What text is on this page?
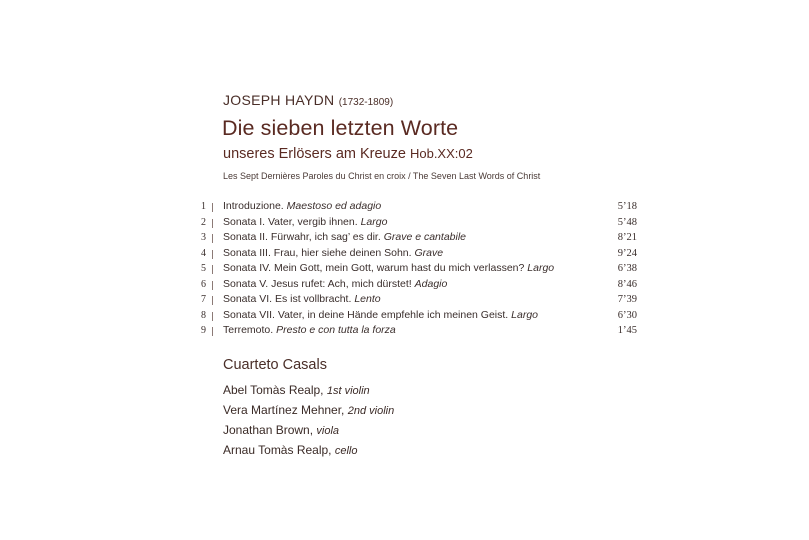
JOSEPH HAYDN (1732-1809)
Die sieben letzten Worte
unseres Erlösers am Kreuze Hob.XX:02
Les Sept Dernières Paroles du Christ en croix / The Seven Last Words of Christ
1 Introduzione. Maestoso ed adagio	5’18
2 Sonata I. Vater, vergib ihnen. Largo	5’48
3 Sonata II. Fürwahr, ich sag’ es dir. Grave e cantabile	8’21
4 Sonata III. Frau, hier siehe deinen Sohn. Grave	9’24
5 Sonata IV. Mein Gott, mein Gott, warum hast du mich verlassen? Largo	6’38
6 Sonata V. Jesus rufet: Ach, mich dürstet! Adagio	8’46
7 Sonata VI. Es ist vollbracht. Lento	7’39
8 Sonata VII. Vater, in deine Hände empfehle ich meinen Geist. Largo	6’30
9 Terremoto. Presto e con tutta la forza	1’45
Cuarteto Casals
Abel Tomàs Realp, 1st violin
Vera Martínez Mehner, 2nd violin
Jonathan Brown, viola
Arnau Tomàs Realp, cello
